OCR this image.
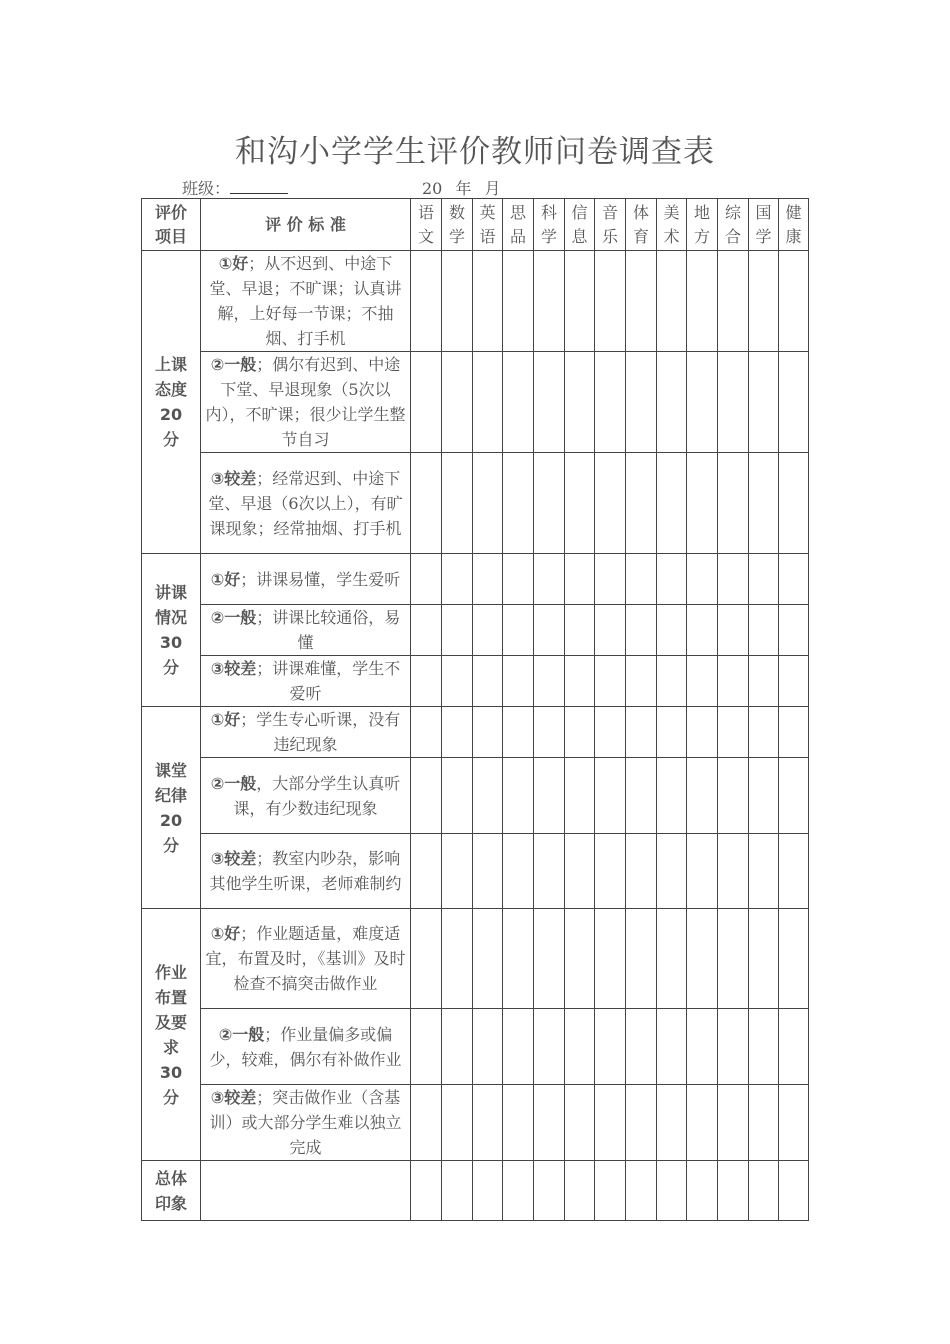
和沟小学学生评价教师问卷调查表
班级：	20 年 月
评价项目	评 价 标 准	语文	数学	英语	思品	科学	信息	音乐	体育	美术	地方	综合	国学	健康

上课态度20分	①好；从不迟到、中途下堂、早退；不旷课；认真讲解，上好每一节课；不抽烟、打手机													
	②一般；偶尔有迟到、中途下堂、早退现象（5次以内），不旷课；很少让学生整节自习													
	③较差；经常迟到、中途下堂、早退（6次以上），有旷课现象；经常抽烟、打手机													

讲课情况30分	①好；讲课易懂，学生爱听													
	②一般；讲课比较通俗，易懂													
	③较差；讲课难懂，学生不爱听													

课堂纪律20分	①好；学生专心听课，没有违纪现象													
	②一般，大部分学生认真听课，有少数违纪现象													
	③较差；教室内吵杂，影响其他学生听课，老师难制约													

作业布置及要求30分	①好；作业题适量，难度适宜，布置及时，《基训》及时检查不搞突击做作业													
	②一般；作业量偏多或偏少，较难，偶尔有补做作业													
	③较差；突击做作业（含基训）或大部分学生难以独立完成													

总体印象														
